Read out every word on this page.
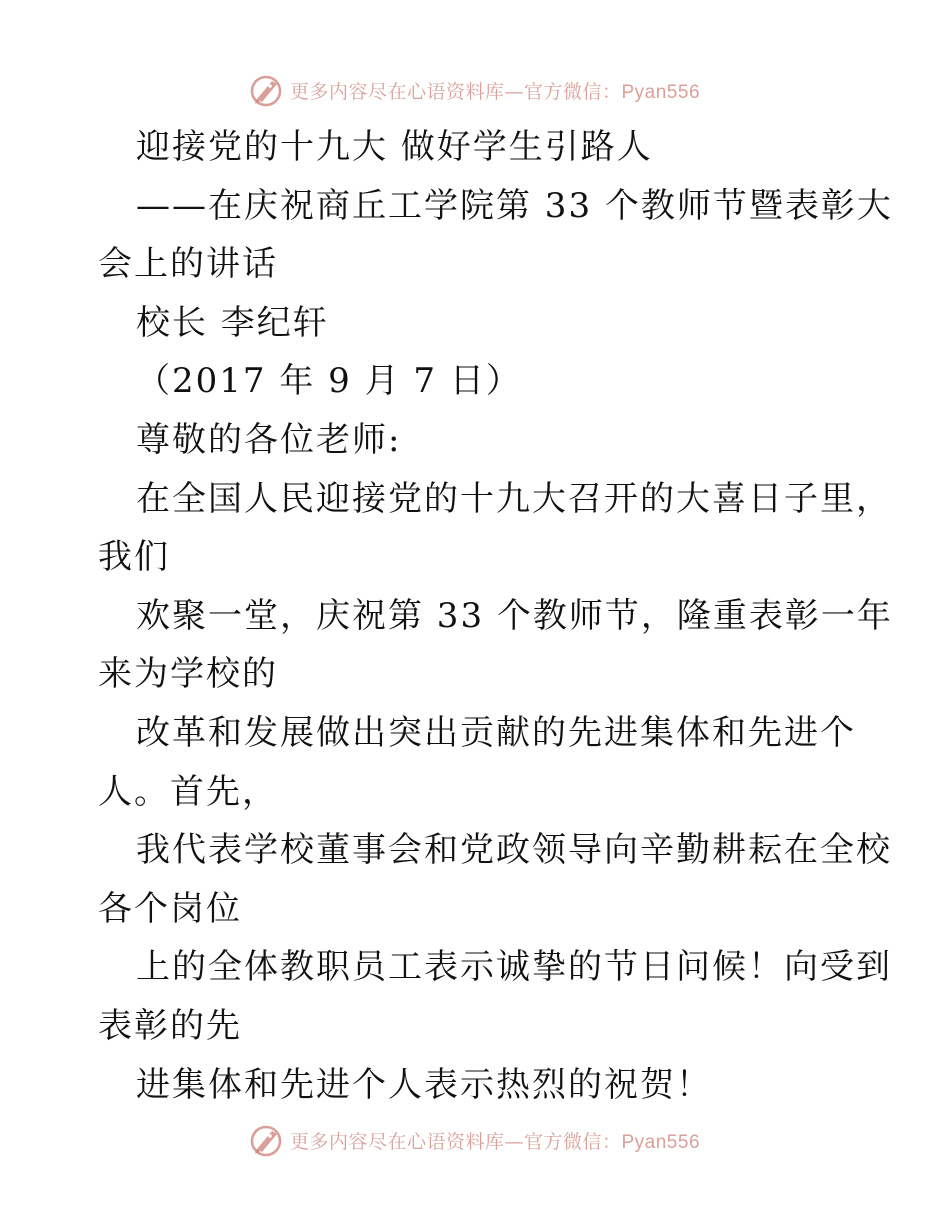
更多内容尽在心语资料库—官方微信：Pyan556
迎接党的十九大 做好学生引路人
——在庆祝商丘工学院第 33 个教师节暨表彰大
会上的讲话
校长 李纪轩
（2017 年 9 月 7 日）
尊敬的各位老师:
在全国人民迎接党的十九大召开的大喜日子里，
我们
欢聚一堂，庆祝第 33 个教师节，隆重表彰一年
来为学校的
改革和发展做出突出贡献的先进集体和先进个
人。首先，
我代表学校董事会和党政领导向辛勤耕耘在全校
各个岗位
上的全体教职员工表示诚挚的节日问候！向受到
表彰的先
进集体和先进个人表示热烈的祝贺！
更多内容尽在心语资料库—官方微信：Pyan556
